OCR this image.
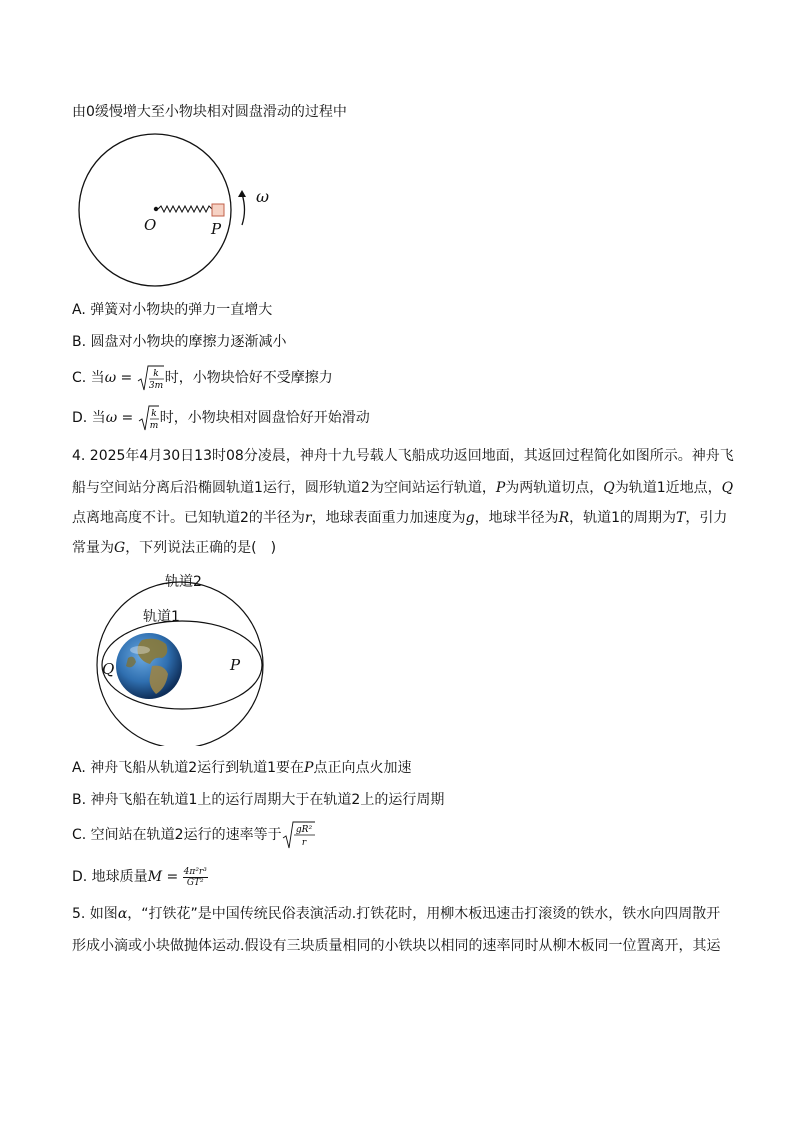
由0缓慢增大至小物块相对圆盘滑动的过程中
O	P
ω
A. 弹簧对小物块的弹力一直增大
B. 圆盘对小物块的摩擦力逐渐减小
C. 当ω = k
3m 时，小物块恰好不受摩擦力
D. 当ω = k
m 时，小物块相对圆盘恰好开始滑动
4. 2025年4月30日13时08分凌晨，神舟十九号载人飞船成功返回地面，其返回过程简化如图所示。神舟飞
船与空间站分离后沿椭圆轨道1运行，圆形轨道2为空间站运行轨道，P为两轨道切点，Q为轨道1近地点，Q
点离地高度不计。已知轨道2的半径为r，地球表面重力加速度为g，地球半径为R，轨道1的周期为T，引力
常量为G，下列说法正确的是(　)
轨道2
轨道1
Q	P
A. 神舟飞船从轨道2运行到轨道1要在P点正向点火加速
B. 神舟飞船在轨道1上的运行周期大于在轨道2上的运行周期
C. 空间站在轨道2运行的速率等于 gR²
r
D. 地球质量$M = \frac{\text{4π²r³}}{\text{GT²}}$
5. 如图α，“打铁花”是中国传统民俗表演活动.打铁花时，用柳木板迅速击打滚烫的铁水，铁水向四周散开
形成小滴或小块做抛体运动.假设有三块质量相同的小铁块以相同的速率同时从柳木板同一位置离开，其运
